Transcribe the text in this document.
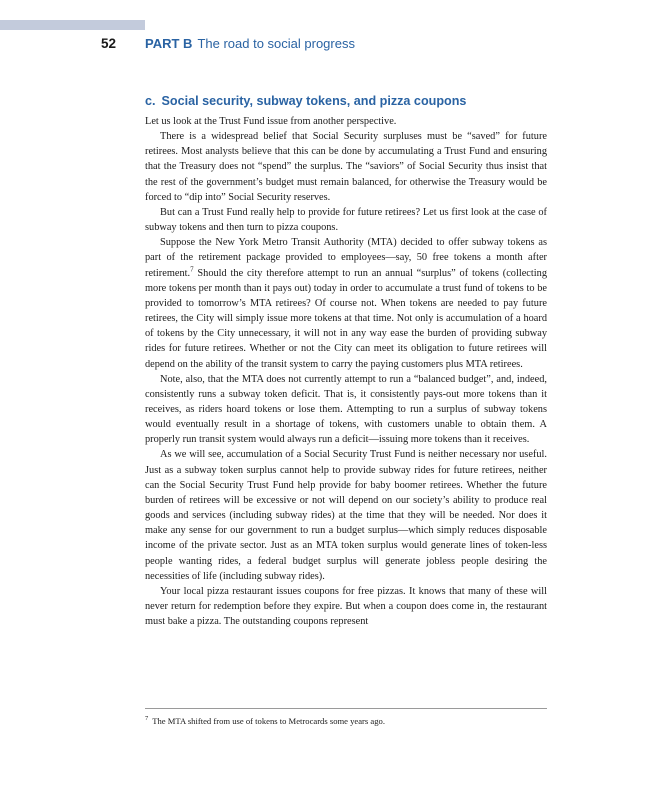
52 PART B The road to social progress
c. Social security, subway tokens, and pizza coupons

Let us look at the Trust Fund issue from another perspective.

There is a widespread belief that Social Security surpluses must be “saved” for future retirees. Most analysts believe that this can be done by accumulating a Trust Fund and ensuring that the Treasury does not “spend” the surplus. The “saviors” of Social Security thus insist that the rest of the government’s budget must remain balanced, for otherwise the Treasury would be forced to “dip into” Social Security reserves.

But can a Trust Fund really help to provide for future retirees? Let us first look at the case of subway tokens and then turn to pizza coupons.

Suppose the New York Metro Transit Authority (MTA) decided to offer subway tokens as part of the retirement package provided to employees—say, 50 free tokens a month after retirement.$^7$ Should the city therefore attempt to run an annual “surplus” of tokens (collecting more tokens per month than it pays out) today in order to accumulate a trust fund of tokens to be provided to tomorrow’s MTA retirees? Of course not. When tokens are needed to pay future retirees, the City will simply issue more tokens at that time. Not only is accumulation of a hoard of tokens by the City unnecessary, it will not in any way ease the burden of providing subway rides for future retirees. Whether or not the City can meet its obligation to future retirees will depend on the ability of the transit system to carry the paying customers plus MTA retirees.

Note, also, that the MTA does not currently attempt to run a “balanced budget”, and, indeed, consistently runs a subway token deficit. That is, it consistently pays-out more tokens than it receives, as riders hoard tokens or lose them. Attempting to run a surplus of subway tokens would eventually result in a shortage of tokens, with customers unable to obtain them. A properly run transit system would always run a deficit—issuing more tokens than it receives.

As we will see, accumulation of a Social Security Trust Fund is neither necessary nor useful. Just as a subway token surplus cannot help to provide subway rides for future retirees, neither can the Social Security Trust Fund help provide for baby boomer retirees. Whether the future burden of retirees will be excessive or not will depend on our society’s ability to produce real goods and services (including subway rides) at the time that they will be needed. Nor does it make any sense for our government to run a budget surplus—which simply reduces disposable income of the private sector. Just as an MTA token surplus would generate lines of token-less people wanting rides, a federal budget surplus will generate jobless people desiring the necessities of life (including subway rides).

Your local pizza restaurant issues coupons for free pizzas. It knows that many of these will never return for redemption before they expire. But when a coupon does come in, the restaurant must bake a pizza. The outstanding coupons represent

$^7$ The MTA shifted from use of tokens to Metrocards some years ago.
